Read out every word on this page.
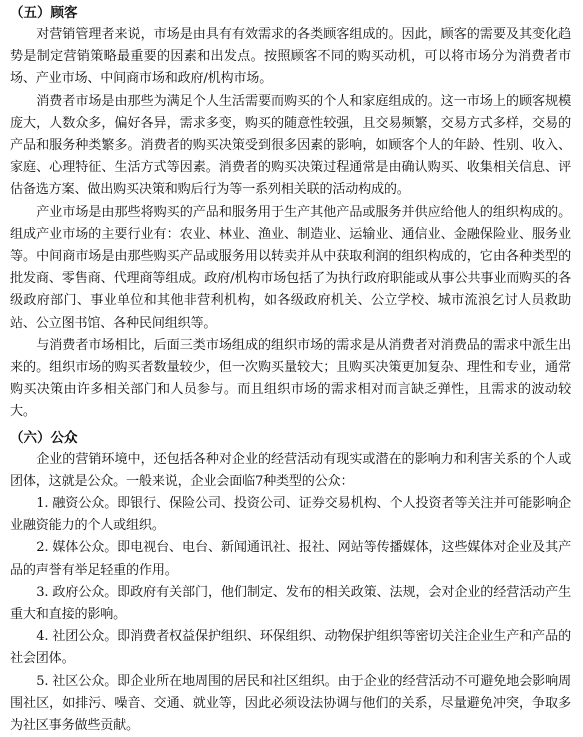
（五）顾客

对营销管理者来说，市场是由具有有效需求的各类顾客组成的。因此，顾客的需要及其变化趋势是制定营销策略最重要的因素和出发点。按照顾客不同的购买动机，可以将市场分为消费者市场、产业市场、中间商市场和政府/机构市场。

消费者市场是由那些为满足个人生活需要而购买的个人和家庭组成的。这一市场上的顾客规模庞大，人数众多，偏好各异，需求多变，购买的随意性较强，且交易频繁，交易方式多样，交易的产品和服务种类繁多。消费者的购买决策受到很多因素的影响，如顾客个人的年龄、性别、收入、家庭、心理特征、生活方式等因素。消费者的购买决策过程通常是由确认购买、收集相关信息、评估备选方案、做出购买决策和购后行为等一系列相关联的活动构成的。

产业市场是由那些将购买的产品和服务用于生产其他产品或服务并供应给他人的组织构成的。组成产业市场的主要行业有：农业、林业、渔业、制造业、运输业、通信业、金融保险业、服务业等。中间商市场是由那些购买产品或服务用以转卖并从中获取利润的组织构成的，它由各种类型的批发商、零售商、代理商等组成。政府/机构市场包括了为执行政府职能或从事公共事业而购买的各级政府部门、事业单位和其他非营利机构，如各级政府机关、公立学校、城市流浪乞讨人员救助站、公立图书馆、各种民间组织等。

与消费者市场相比，后面三类市场组成的组织市场的需求是从消费者对消费品的需求中派生出来的。组织市场的购买者数量较少，但一次购买量较大；且购买决策更加复杂、理性和专业，通常购买决策由许多相关部门和人员参与。而且组织市场的需求相对而言缺乏弹性，且需求的波动较大。

（六）公众

企业的营销环境中，还包括各种对企业的经营活动有现实或潜在的影响力和利害关系的个人或团体，这就是公众。一般来说，企业会面临7种类型的公众：

1. 融资公众。即银行、保险公司、投资公司、证券交易机构、个人投资者等关注并可能影响企业融资能力的个人或组织。

2. 媒体公众。即电视台、电台、新闻通讯社、报社、网站等传播媒体，这些媒体对企业及其产品的声誉有举足轻重的作用。

3. 政府公众。即政府有关部门，他们制定、发布的相关政策、法规，会对企业的经营活动产生重大和直接的影响。

4. 社团公众。即消费者权益保护组织、环保组织、动物保护组织等密切关注企业生产和产品的社会团体。

5. 社区公众。即企业所在地周围的居民和社区组织。由于企业的经营活动不可避免地会影响周围社区，如排污、噪音、交通、就业等，因此必须设法协调与他们的关系，尽量避免冲突，争取多为社区事务做些贡献。
